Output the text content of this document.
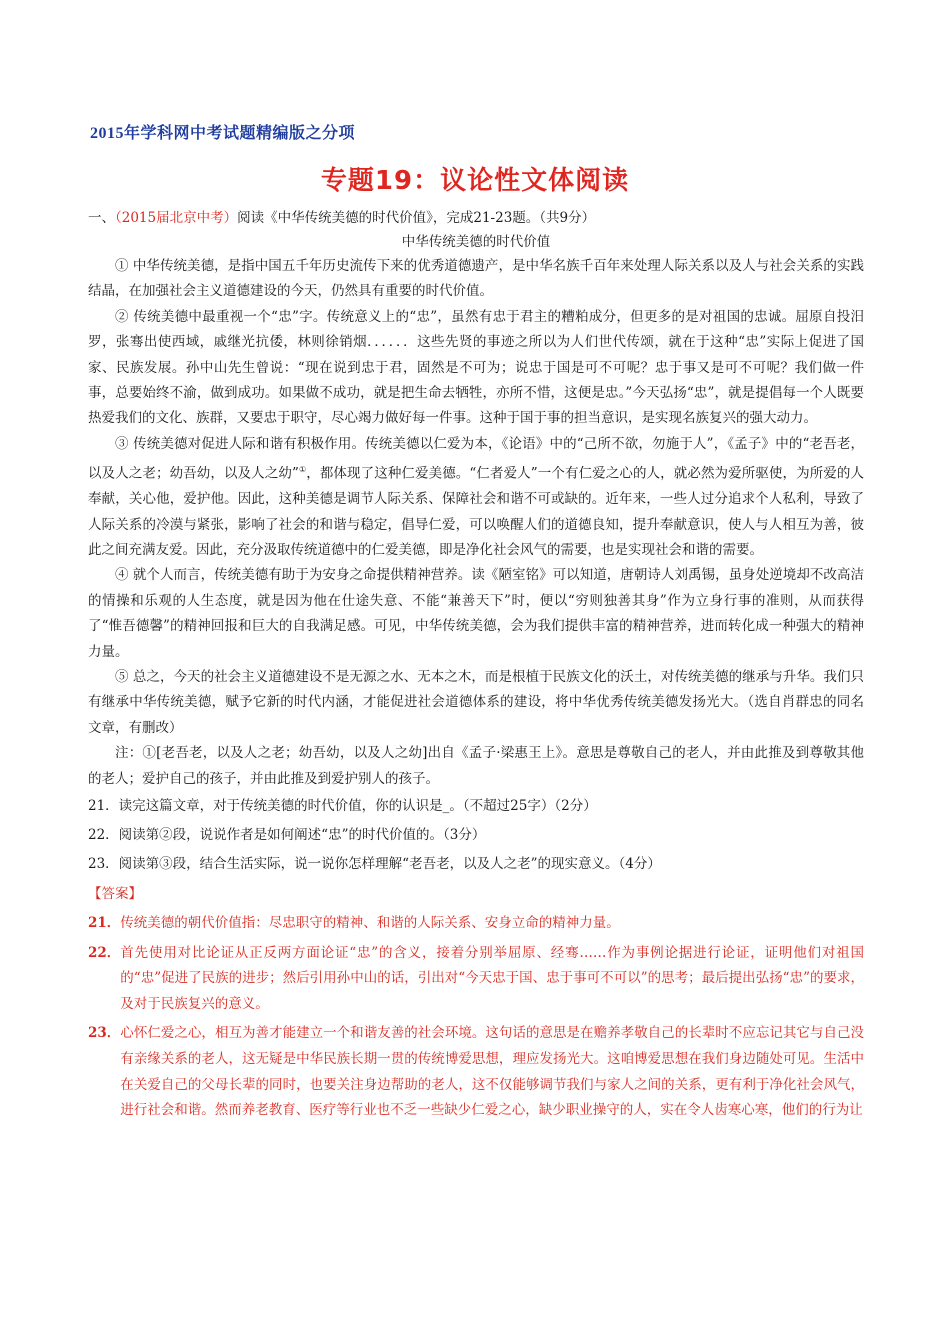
2015年学科网中考试题精编版之分项
专题19：议论性文体阅读
一、（2015届北京中考）阅读《中华传统美德的时代价值》，完成21-23题。（共9分）
中华传统美德的时代价值
① 中华传统美德，是指中国五千年历史流传下来的优秀道德遗产，是中华名族千百年来处理人际关系以及人与社会关系的实践结晶，在加强社会主义道德建设的今天，仍然具有重要的时代价值。
② 传统美德中最重视一个“忠”字。传统意义上的“忠”，虽然有忠于君主的糟粕成分，但更多的是对祖国的忠诚。屈原自投汨罗，张骞出使西域，戚继光抗倭，林则徐销烟．．．．．．这些先贤的事迹之所以为人们世代传颂，就在于这种“忠”实际上促进了国家、民族发展。孙中山先生曾说：“现在说到忠于君，固然是不可为；说忠于国是可不可呢？忠于事又是可不可呢？我们做一件事，总要始终不渝，做到成功。如果做不成功，就是把生命去牺牲，亦所不惜，这便是忠。”今天弘扬“忠”，就是提倡每一个人既要热爱我们的文化、族群，又要忠于职守，尽心竭力做好每一件事。这种于国于事的担当意识，是实现名族复兴的强大动力。
③ 传统美德对促进人际和谐有积极作用。传统美德以仁爱为本，《论语》中的“己所不欲，勿施于人”，《孟子》中的“老吾老，以及人之老；幼吾幼，以及人之幼”①，都体现了这种仁爱美德。“仁者爱人”一个有仁爱之心的人，就必然为爱所驱使，为所爱的人奉献，关心他，爱护他。因此，这种美德是调节人际关系、保障社会和谐不可或缺的。近年来，一些人过分追求个人私利，导致了人际关系的冷漠与紧张，影响了社会的和谐与稳定，倡导仁爱，可以唤醒人们的道德良知，提升奉献意识，使人与人相互为善，彼此之间充满友爱。因此，充分汲取传统道德中的仁爱美德，即是净化社会风气的需要，也是实现社会和谐的需要。
④ 就个人而言，传统美德有助于为安身之命提供精神营养。读《陋室铭》可以知道，唐朝诗人刘禹锡，虽身处逆境却不改高洁的情操和乐观的人生态度，就是因为他在仕途失意、不能“兼善天下”时，便以“穷则独善其身”作为立身行事的准则，从而获得了“惟吾德馨”的精神回报和巨大的自我满足感。可见，中华传统美德，会为我们提供丰富的精神营养，进而转化成一种强大的精神力量。
⑤ 总之，今天的社会主义道德建设不是无源之水、无本之木，而是根植于民族文化的沃土，对传统美德的继承与升华。我们只有继承中华传统美德，赋予它新的时代内涵，才能促进社会道德体系的建设，将中华优秀传统美德发扬光大。（选自肖群忠的同名文章，有删改）
注：①[老吾老，以及人之老；幼吾幼，以及人之幼]出自《孟子·梁惠王上》。意思是尊敬自己的老人，并由此推及到尊敬其他的老人；爱护自己的孩子，并由此推及到爱护别人的孩子。
21．读完这篇文章，对于传统美德的时代价值，你的认识是_。（不超过25字）（2分）
22．阅读第②段，说说作者是如何阐述“忠”的时代价值的。（3分）
23．阅读第③段，结合生活实际，说一说你怎样理解“老吾老，以及人之老”的现实意义。（4分）
【答案】
21． 传统美德的朝代价值指：尽忠职守的精神、和谐的人际关系、安身立命的精神力量。
22． 首先使用对比论证从正反两方面论证“忠”的含义，接着分别举屈原、经骞……作为事例论据进行论证，证明他们对祖国的“忠”促进了民族的进步；然后引用孙中山的话，引出对“今天忠于国、忠于事可不可以”的思考；最后提出弘扬“忠”的要求，及对于民族复兴的意义。
23． 心怀仁爱之心，相互为善才能建立一个和谐友善的社会环境。这句话的意思是在赡养孝敬自己的长辈时不应忘记其它与自己没有亲缘关系的老人，这无疑是中华民族长期一贯的传统博爱思想，理应发扬光大。这咱博爱思想在我们身边随处可见。生活中在关爱自己的父母长辈的同时，也要关注身边帮助的老人，这不仅能够调节我们与家人之间的关系，更有利于净化社会风气，进行社会和谐。然而养老教育、医疗等行业也不乏一些缺少仁爱之心，缺少职业操守的人，实在令人齿寒心寒，他们的行为让
